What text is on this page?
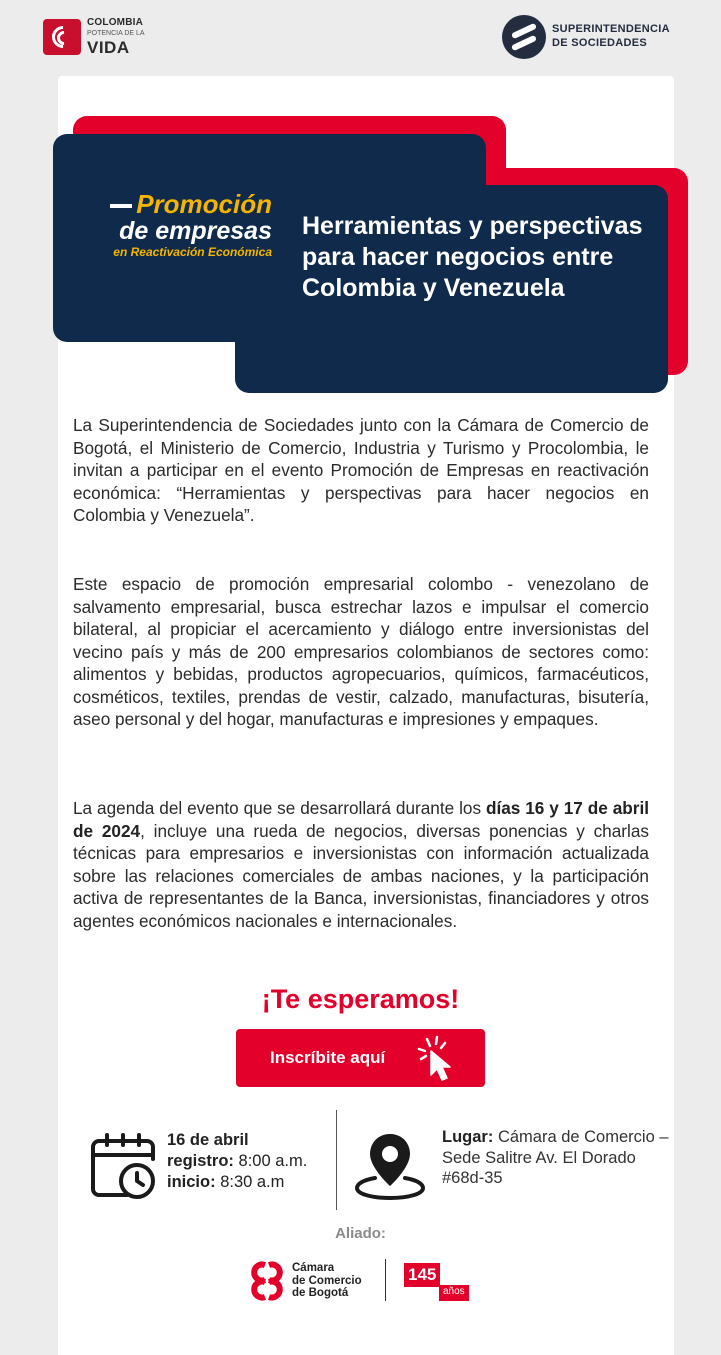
COLOMBIA
POTENCIA DE LA
VIDA
SUPERINTENDENCIA
DE SOCIEDADES
Promoción
de empresas
en Reactivación Económica
Herramientas y perspectivas para hacer negocios entre Colombia y Venezuela
La Superintendencia de Sociedades junto con la Cámara de Comercio de Bogotá, el Ministerio de Comercio, Industria y Turismo y Procolombia, le invitan a participar en el evento Promoción de Empresas en reactivación económica: “Herramientas y perspectivas para hacer negocios en Colombia y Venezuela”.
Este espacio de promoción empresarial colombo - venezolano de salvamento empresarial, busca estrechar lazos e impulsar el comercio bilateral, al propiciar el acercamiento y diálogo entre inversionistas del vecino país y más de 200 empresarios colombianos de sectores como: alimentos y bebidas, productos agropecuarios, químicos, farmacéuticos, cosméticos, textiles, prendas de vestir, calzado, manufacturas, bisutería, aseo personal y del hogar, manufacturas e impresiones y empaques.
La agenda del evento que se desarrollará durante los días 16 y 17 de abril de 2024, incluye una rueda de negocios, diversas ponencias y charlas técnicas para empresarios e inversionistas con información actualizada sobre las relaciones comerciales de ambas naciones, y la participación activa de representantes de la Banca, inversionistas, financiadores y otros agentes económicos nacionales e internacionales.
¡Te esperamos!
Inscríbite aquí
16 de abril
registro: 8:00 a.m.
inicio: 8:30 a.m
Lugar: Cámara de Comercio – Sede Salitre Av. El Dorado #68d-35
Aliado:
Cámara
de Comercio
de Bogotá
145
años
